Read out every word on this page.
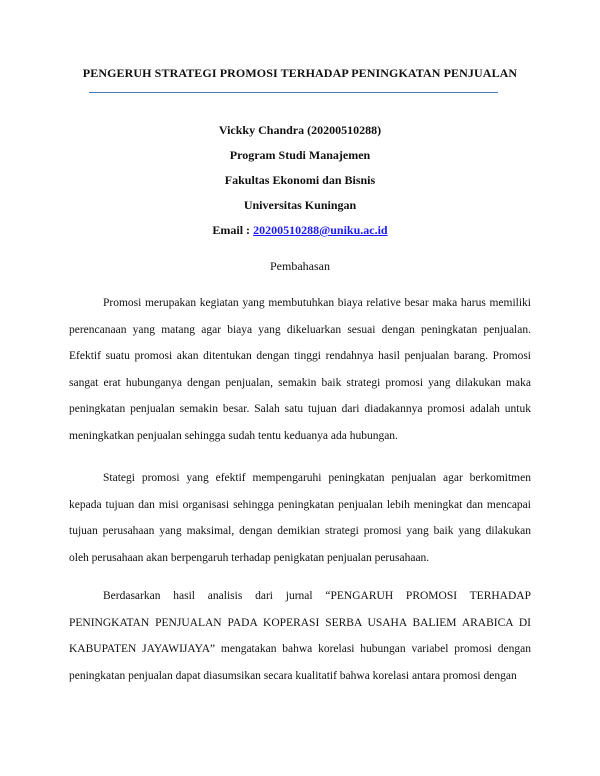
PENGERUH STRATEGI PROMOSI TERHADAP PENINGKATAN PENJUALAN
Vickky Chandra (20200510288)
Program Studi Manajemen
Fakultas Ekonomi dan Bisnis
Universitas Kuningan
Email : 20200510288@uniku.ac.id
Pembahasan

Promosi merupakan kegiatan yang membutuhkan biaya relative besar maka harus memiliki perencanaan yang matang agar biaya yang dikeluarkan sesuai dengan peningkatan penjualan. Efektif suatu promosi akan ditentukan dengan tinggi rendahnya hasil penjualan barang. Promosi sangat erat hubunganya dengan penjualan, semakin baik strategi promosi yang dilakukan maka peningkatan penjualan semakin besar. Salah satu tujuan dari diadakannya promosi adalah untuk meningkatkan penjualan sehingga sudah tentu keduanya ada hubungan.

Stategi promosi yang efektif mempengaruhi peningkatan penjualan agar berkomitmen kepada tujuan dan misi organisasi sehingga peningkatan penjualan lebih meningkat dan mencapai tujuan perusahaan yang maksimal, dengan demikian strategi promosi yang baik yang dilakukan oleh perusahaan akan berpengaruh terhadap penigkatan penjualan perusahaan.

Berdasarkan hasil analisis dari jurnal “PENGARUH PROMOSI TERHADAP PENINGKATAN PENJUALAN PADA KOPERASI SERBA USAHA BALIEM ARABICA DI KABUPATEN JAYAWIJAYA” mengatakan bahwa korelasi hubungan variabel promosi dengan peningkatan penjualan dapat diasumsikan secara kualitatif bahwa korelasi antara promosi dengan
